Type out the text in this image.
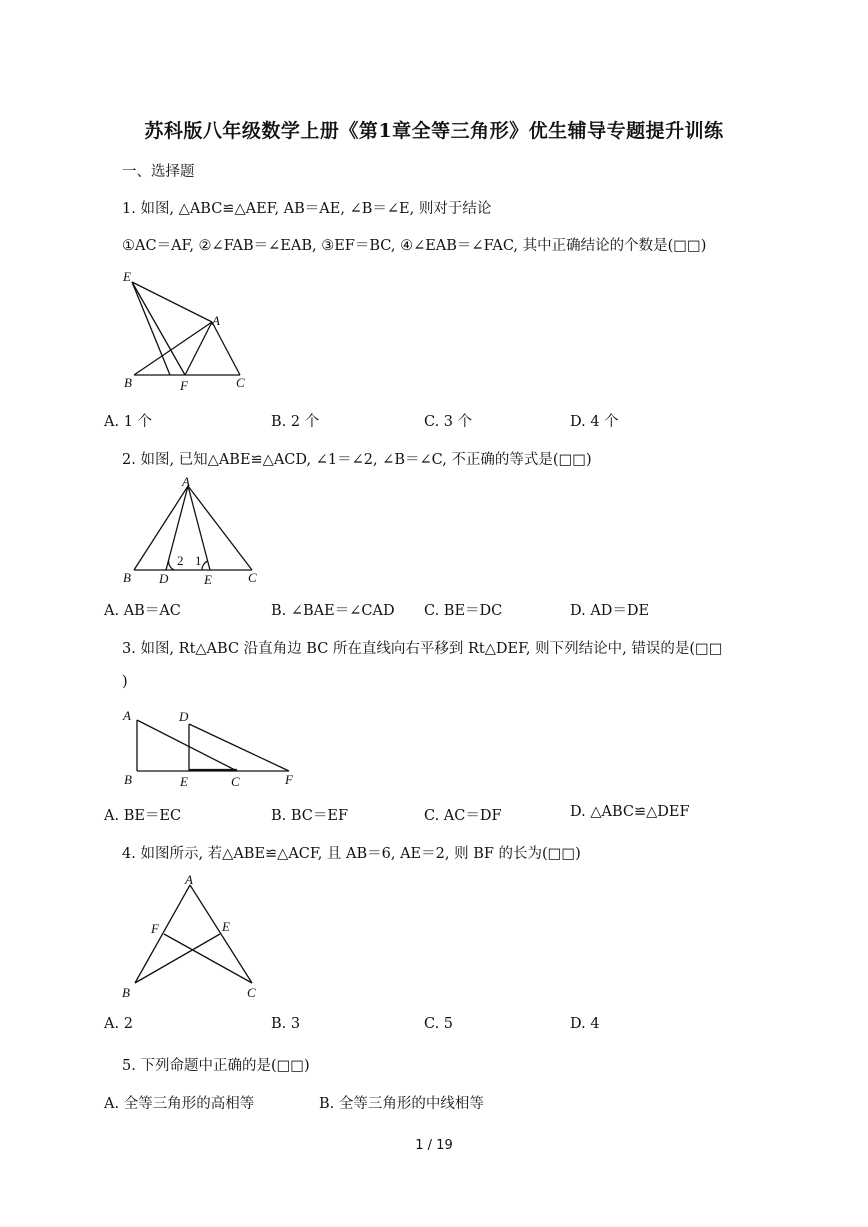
苏科版八年级数学上册《第1章全等三角形》优生辅导专题提升训练
一、选择题
1. 如图, △ABC≌△AEF, AB＝AE, ∠B＝∠E, 则对于结论
①AC＝AF, ②∠FAB＝∠EAB, ③EF＝BC, ④∠EAB＝∠FAC, 其中正确结论的个数是(□□)
E
A
B	F	C
A. 1 个	B. 2 个	C. 3 个	D. 4 个
2. 如图, 已知△ABE≌△ACD, ∠1＝∠2, ∠B＝∠C, 不正确的等式是(□□)
A
B D	E	C
2 1
A. AB＝AC	B. ∠BAE＝∠CAD C. BE＝DC	D. AD＝DE
3. 如图, Rt△ABC 沿直角边 BC 所在直线向右平移到 Rt△DEF, 则下列结论中, 错误的是(□□
)
A	D
B	E	C	F
A. BE＝EC	B. BC＝EF	C. AC＝DF	D. △ABC≌△DEF
4. 如图所示, 若△ABE≌△ACF, 且 AB＝6, AE＝2, 则 BF 的长为(□□)
A
F	E
B	C
A. 2	B. 3	C. 5	D. 4
5. 下列命题中正确的是(□□)
A. 全等三角形的高相等	B. 全等三角形的中线相等
1 / 19
